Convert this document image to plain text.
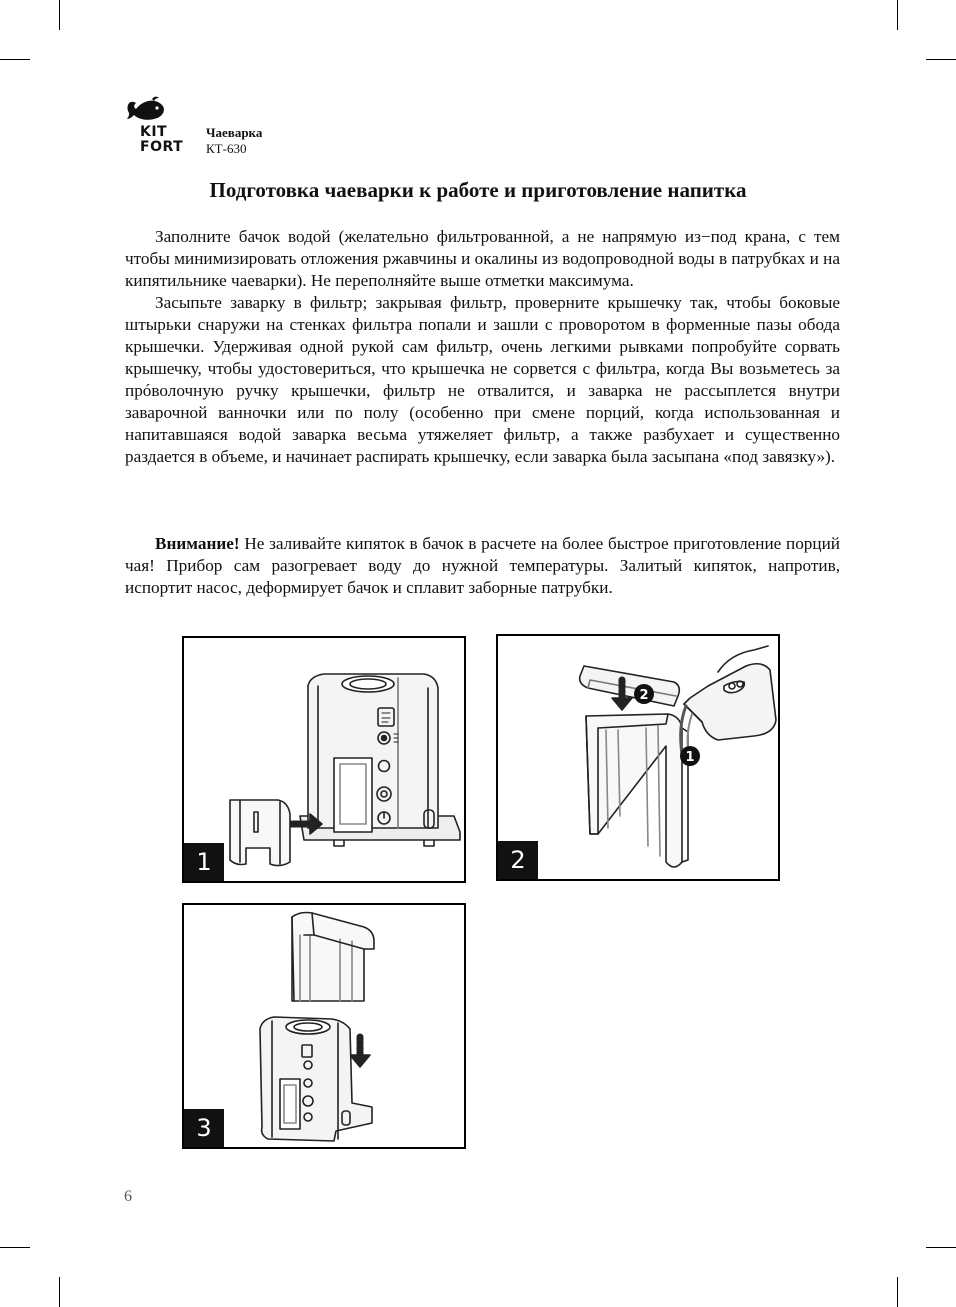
KIT
FORT
Чаеварка
КТ-630
Подготовка чаеварки к работе и приготовление напитка

Заполните бачок водой (желательно фильтрованной, а не напрямую из−под крана, с тем чтобы минимизировать отложения ржавчины и окалины из водопроводной воды в патрубках и на кипятильнике чаеварки). Не переполняйте выше отметки максимума.

Засыпьте заварку в фильтр; закрывая фильтр, проверните крышечку так, чтобы боковые штырьки снаружи на стенках фильтра попали и зашли с проворотом в форменные пазы обода крышечки. Удерживая одной рукой сам фильтр, очень легкими рывками попробуйте сорвать крышечку, чтобы удостовериться, что крышечка не сорвется с фильтра, когда Вы возьметесь за прóволочную ручку крышечки, фильтр не отвалится, и заварка не рассыплется внутри заварочной ванночки или по полу (особенно при смене порций, когда использованная и напитавшаяся водой заварка весьма утяжеляет фильтр, а также разбухает и существенно раздается в объеме, и начинает распирать крышечку, если заварка была засыпана «под завязку»).

Внимание! Не заливайте кипяток в бачок в расчете на более быстрое приготовление порций чая! Прибор сам разогревает воду до нужной температуры. Залитый кипяток, напротив, испортит насос, деформирует бачок и сплавит заборные патрубки.

1
2
1
2
3
6
